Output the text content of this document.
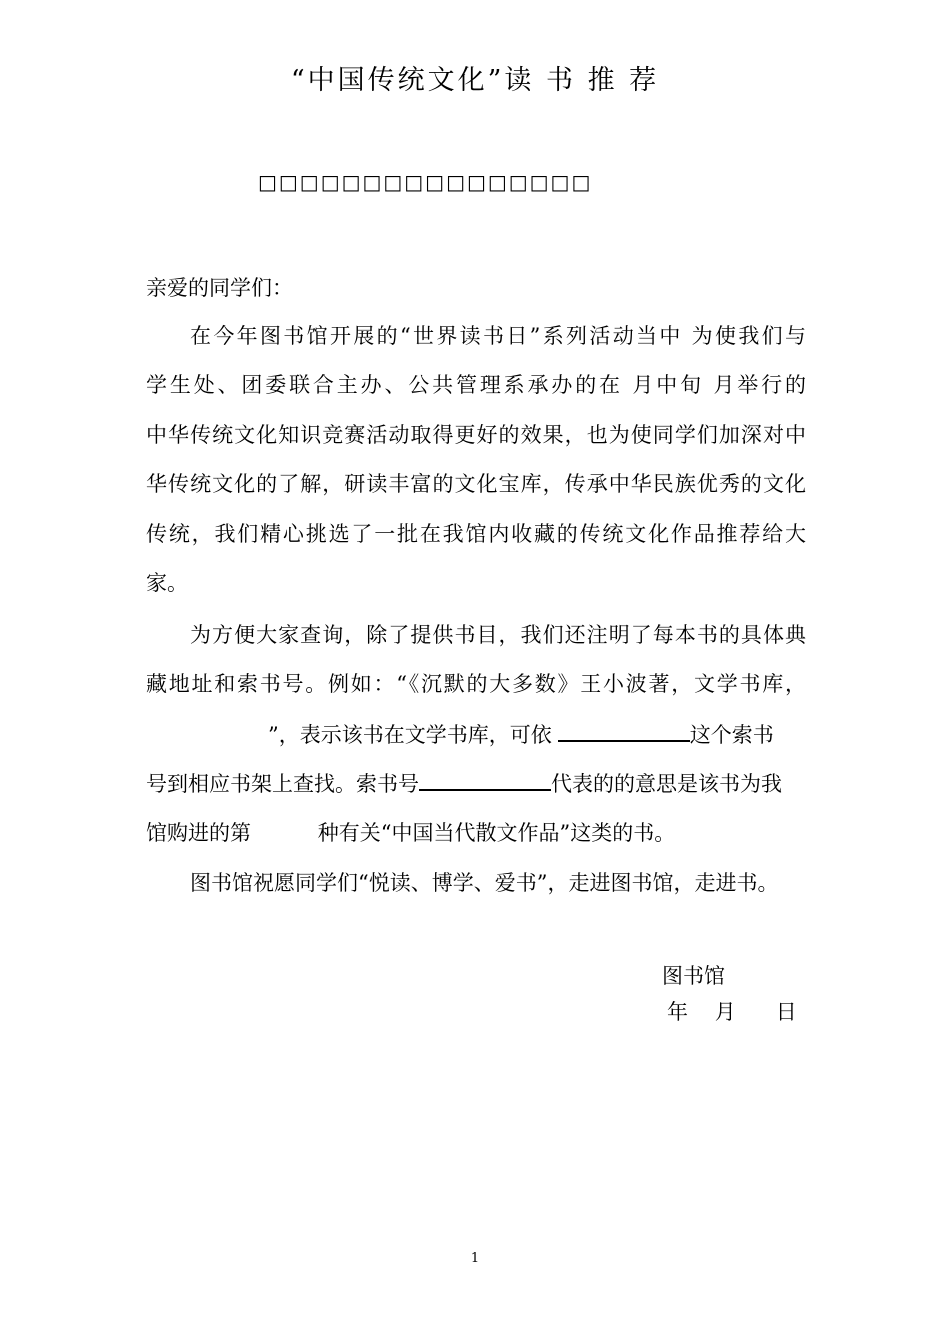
“中国传统文化”读 书 推 荐
□□□□□□□□□□□□□□□□
亲爱的同学们：
在今年图书馆开展的“世界读书日”系列活动当中 为使我们与
学生处、团委联合主办、公共管理系承办的在 月中旬 月举行的
中华传统文化知识竞赛活动取得更好的效果，也为使同学们加深对中
华传统文化的了解，研读丰富的文化宝库，传承中华民族优秀的文化
传统，我们精心挑选了一批在我馆内收藏的传统文化作品推荐给大
家。
为方便大家查询，除了提供书目，我们还注明了每本书的具体典
藏地址和索书号。例如：“《沉默的大多数》王小波著，文学书库，
”，表示该书在文学书库，可依	这个索书
号到相应书架上查找。索书号	代表的的意思是该书为我
馆购进的第          种有关“中国当代散文作品”这类的书。
图书馆祝愿同学们“悦读、博学、爱书”，走进图书馆，走进书。
图书馆
年    月      日
1
